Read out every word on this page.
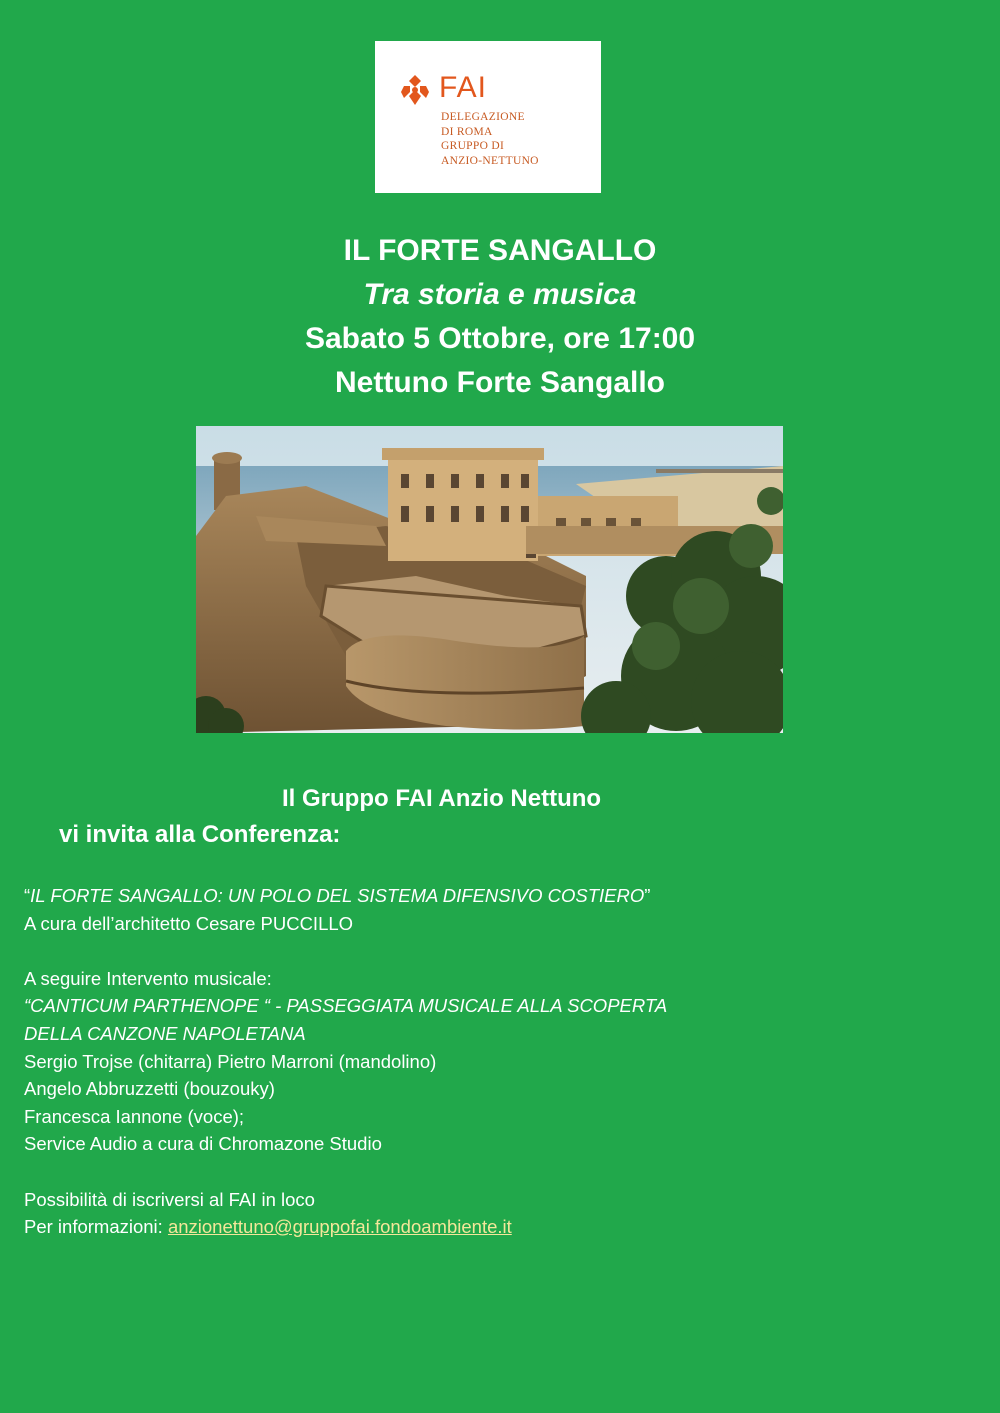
FAI
DELEGAZIONE
DI ROMA
GRUPPO DI
ANZIO-NETTUNO
IL FORTE SANGALLO
Tra storia e musica
Sabato 5 Ottobre, ore 17:00
Nettuno Forte Sangallo
Il Gruppo FAI Anzio Nettuno
vi invita alla Conferenza:
“IL FORTE SANGALLO: UN POLO DEL SISTEMA DIFENSIVO COSTIERO”
A cura dell’architetto Cesare PUCCILLO
A seguire Intervento musicale:
“CANTICUM PARTHENOPE “ - PASSEGGIATA MUSICALE ALLA SCOPERTA
DELLA CANZONE NAPOLETANA
Sergio Trojse (chitarra) Pietro Marroni (mandolino)
Angelo Abbruzzetti (bouzouky)
Francesca Iannone (voce);
Service Audio a cura di Chromazone Studio
Possibilità di iscriversi al FAI in loco
Per informazioni: anzionettuno@gruppofai.fondoambiente.it
